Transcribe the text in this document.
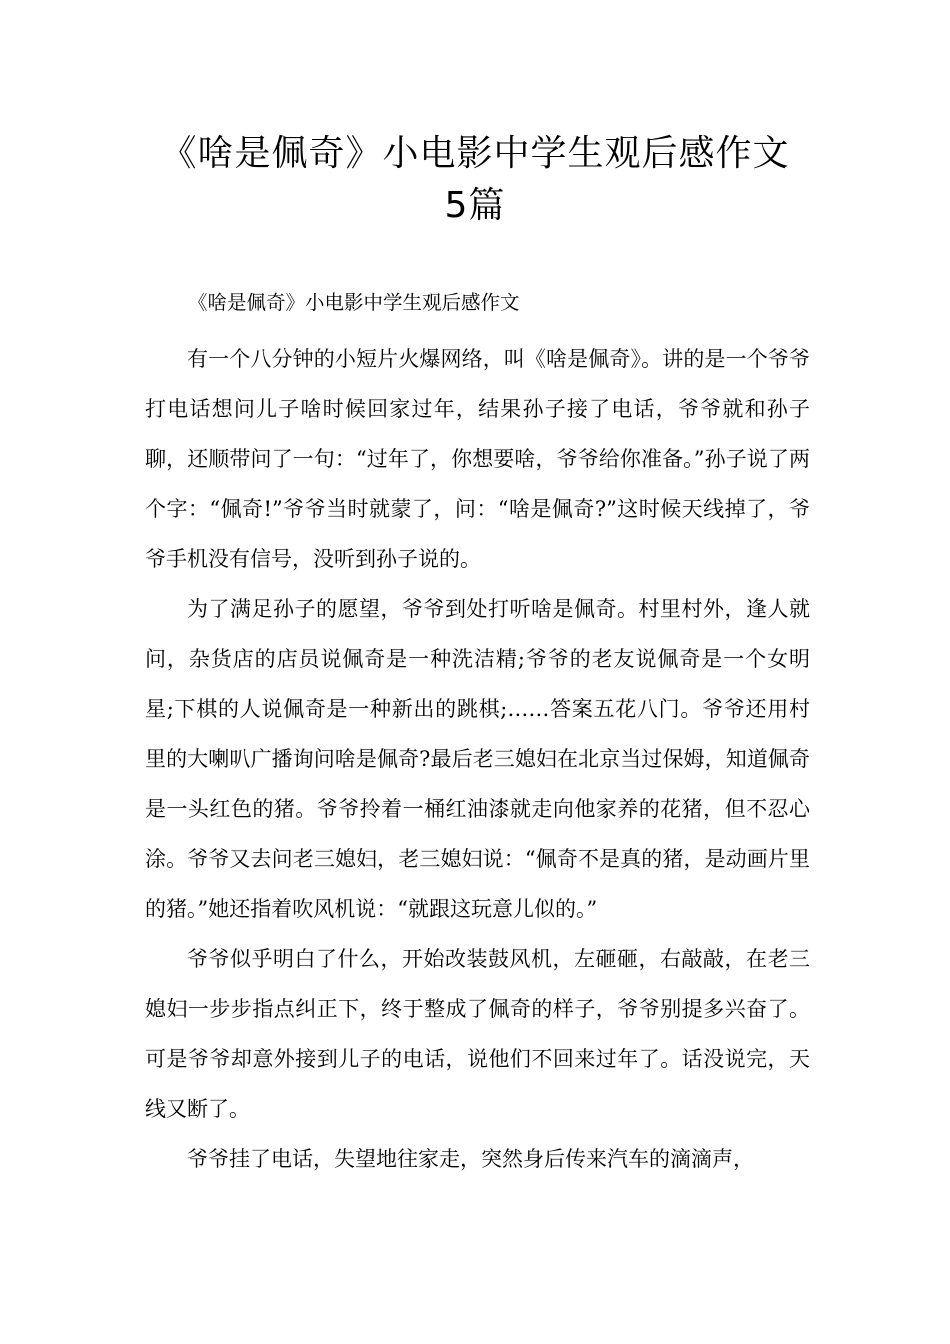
《啥是佩奇》小电影中学生观后感作文
5篇

《啥是佩奇》小电影中学生观后感作文

有一个八分钟的小短片火爆网络，叫《啥是佩奇》。讲的是一个爷爷打电话想问儿子啥时候回家过年，结果孙子接了电话，爷爷就和孙子聊，还顺带问了一句：“过年了，你想要啥，爷爷给你准备。”孙子说了两个字：“佩奇!”爷爷当时就蒙了，问：“啥是佩奇?”这时候天线掉了，爷爷手机没有信号，没听到孙子说的。

为了满足孙子的愿望，爷爷到处打听啥是佩奇。村里村外，逢人就问，杂货店的店员说佩奇是一种洗洁精;爷爷的老友说佩奇是一个女明星;下棋的人说佩奇是一种新出的跳棋;……答案五花八门。爷爷还用村里的大喇叭广播询问啥是佩奇?最后老三媳妇在北京当过保姆，知道佩奇是一头红色的猪。爷爷拎着一桶红油漆就走向他家养的花猪，但不忍心涂。爷爷又去问老三媳妇，老三媳妇说：“佩奇不是真的猪，是动画片里的猪。”她还指着吹风机说：“就跟这玩意儿似的。”

爷爷似乎明白了什么，开始改装鼓风机，左砸砸，右敲敲，在老三媳妇一步步指点纠正下，终于整成了佩奇的样子，爷爷别提多兴奋了。可是爷爷却意外接到儿子的电话，说他们不回来过年了。话没说完，天线又断了。

爷爷挂了电话，失望地往家走，突然身后传来汽车的滴滴声，
